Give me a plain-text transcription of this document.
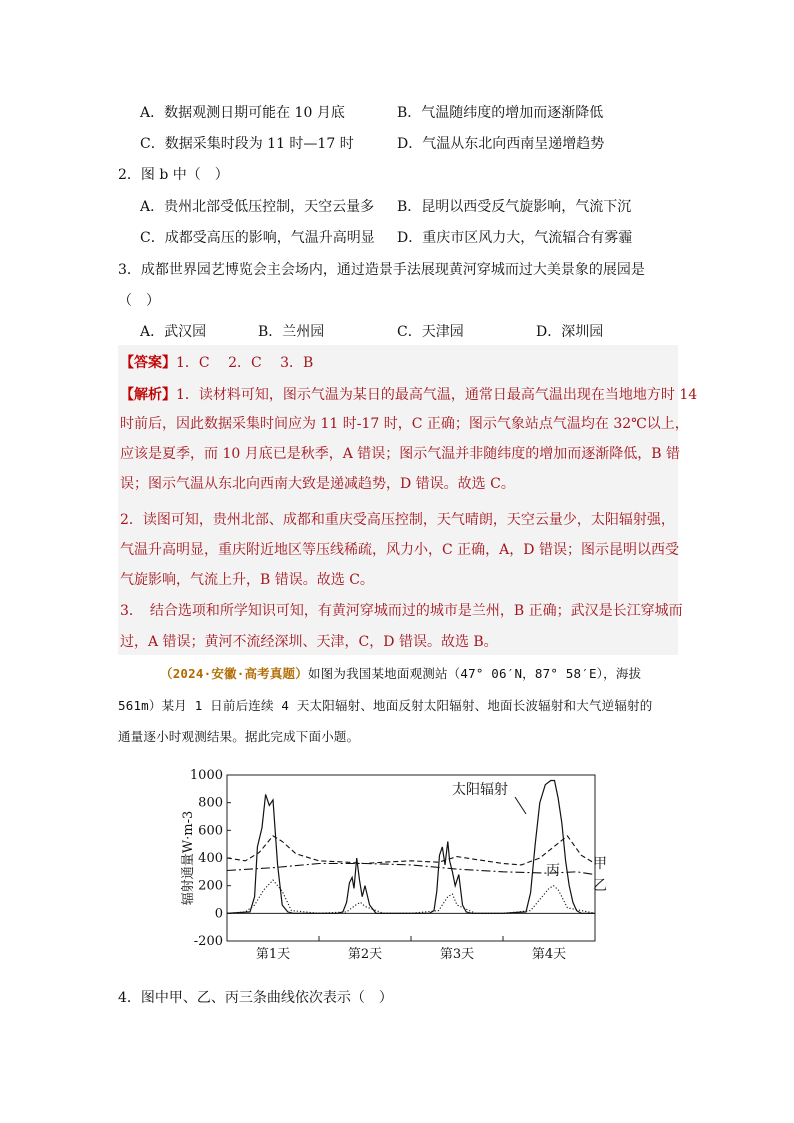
A．数据观测日期可能在 10 月底	B．气温随纬度的增加而逐渐降低
C．数据采集时段为 11 时—17 时	D．气温从东北向西南呈递增趋势
2．图 b 中（　）
A．贵州北部受低压控制，天空云量多 B．昆明以西受反气旋影响，气流下沉
C．成都受高压的影响，气温升高明显 D．重庆市区风力大，气流辐合有雾霾
3．成都世界园艺博览会主会场内，通过造景手法展现黄河穿城而过大美景象的展园是
（　）
A．武汉园	B．兰州园	C．天津园	D．深圳园
【答案】1．C　 2．C　 3．B
【解析】1．读材料可知，图示气温为某日的最高气温，通常日最高气温出现在当地地方时 14
时前后，因此数据采集时间应为 11 时-17 时，C 正确；图示气象站点气温均在 32℃以上，
应该是夏季，而 10 月底已是秋季，A 错误；图示气温并非随纬度的增加而逐渐降低，B 错
误；图示气温从东北向西南大致是递减趋势，D 错误。故选 C。
2．读图可知，贵州北部、成都和重庆受高压控制，天气晴朗，天空云量少，太阳辐射强，
气温升高明显，重庆附近地区等压线稀疏，风力小，C 正确，A，D 错误；图示昆明以西受
气旋影响，气流上升，B 错误。故选 C。
3．　结合选项和所学知识可知，有黄河穿城而过的城市是兰州，B 正确；武汉是长江穿城而
过，A 错误；黄河不流经深圳、天津，C，D 错误。故选 B。
（2024·安徽·高考真题）如图为我国某地面观测站（47° 06′N，87° 58′E），海拔
561m）某月 1 日前后连续 4 天太阳辐射、地面反射太阳辐射、地面长波辐射和大气逆辐射的
通量逐小时观测结果。据此完成下面小题。
1000
800
600
400
200
0
-200
第1天	第2天	第3天	第4天
辐射通量W·m-3
太阳辐射
甲
乙
丙
4．图中甲、乙、丙三条曲线依次表示（　）
